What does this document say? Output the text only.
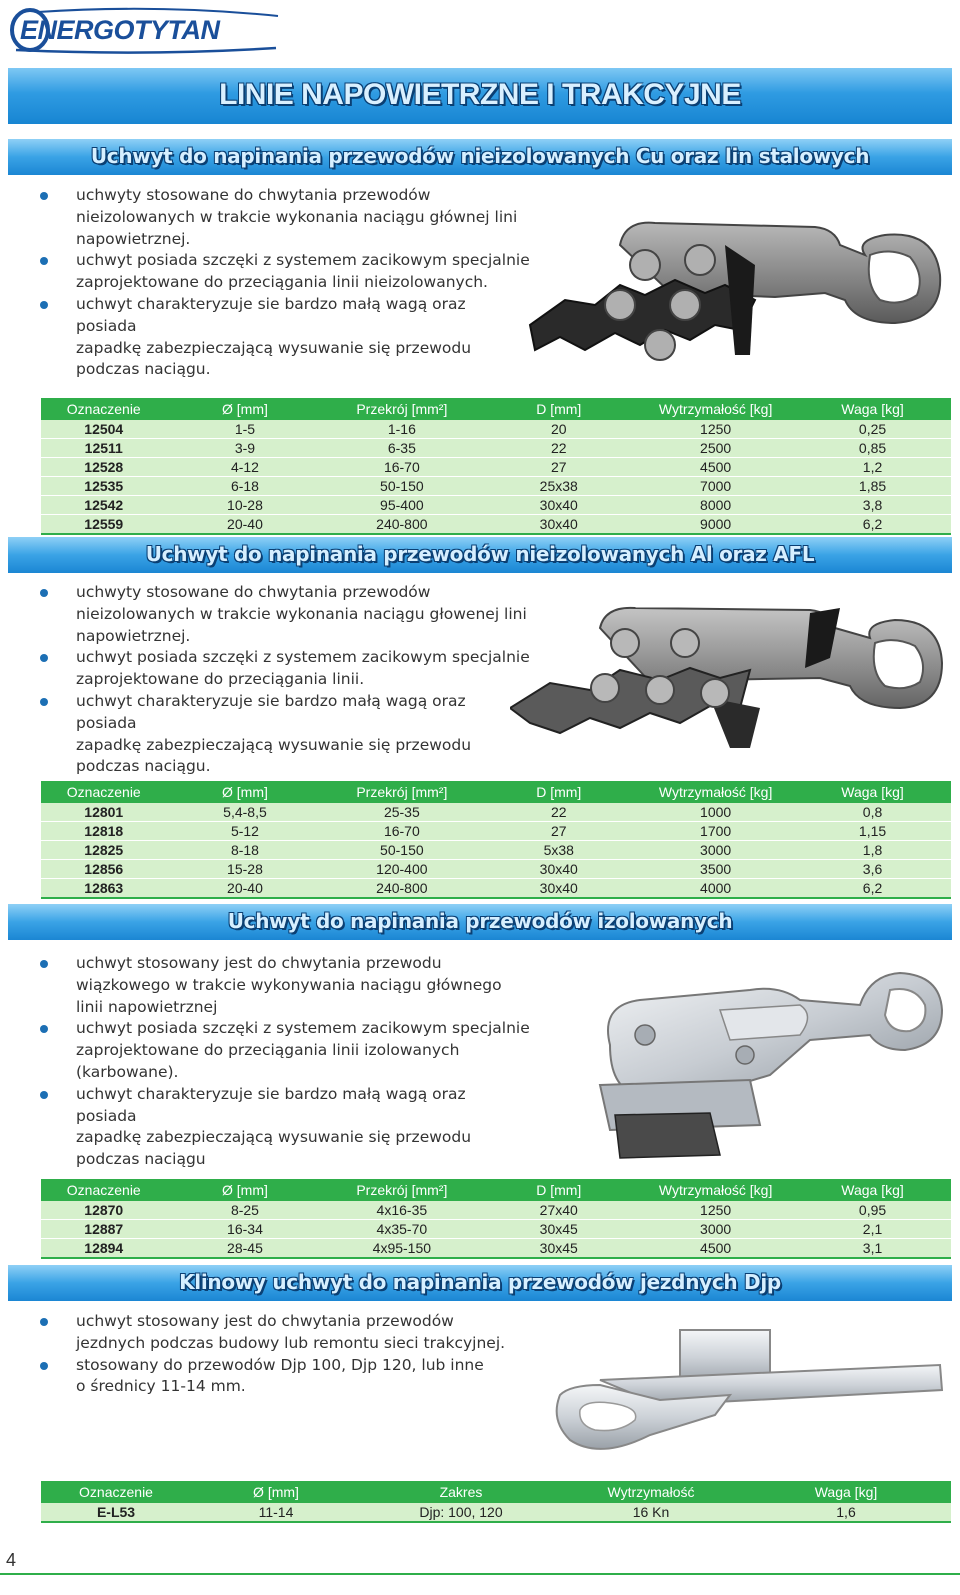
ENERGOTYTAN
LINIE NAPOWIETRZNE I TRAKCYJNE
Uchwyt do napinania przewodów nieizolowanych Cu oraz lin stalowych
uchwyty stosowane do chwytania przewodów
nieizolowanych w trakcie wykonania naciągu głównej lini
napowietrznej.
uchwyt posiada szczęki z systemem zacikowym specjalnie
zaprojektowane do przeciągania linii nieizolowanych.
uchwyt charakteryzuje sie bardzo małą wagą oraz posiada
zapadkę zabezpieczającą wysuwanie się przewodu
podczas naciągu.
Oznaczenie	Ø [mm]	Przekrój [mm²]	D [mm]	Wytrzymałość [kg]	Waga [kg]
12504	1-5	1-16	20	1250	0,25
12511	3-9	6-35	22	2500	0,85
12528	4-12	16-70	27	4500	1,2
12535	6-18	50-150	25x38	7000	1,85
12542	10-28	95-400	30x40	8000	3,8
12559	20-40	240-800	30x40	9000	6,2
Uchwyt do napinania przewodów nieizolowanych Al oraz AFL
uchwyty stosowane do chwytania przewodów
nieizolowanych w trakcie wykonania naciągu głowenej lini
napowietrznej.
uchwyt posiada szczęki z systemem zacikowym specjalnie
zaprojektowane do przeciągania linii.
uchwyt charakteryzuje sie bardzo małą wagą oraz posiada
zapadkę zabezpieczającą wysuwanie się przewodu
podczas naciągu.
Oznaczenie	Ø [mm]	Przekrój [mm²]	D [mm]	Wytrzymałość [kg]	Waga [kg]
12801	5,4-8,5	25-35	22	1000	0,8
12818	5-12	16-70	27	1700	1,15
12825	8-18	50-150	5x38	3000	1,8
12856	15-28	120-400	30x40	3500	3,6
12863	20-40	240-800	30x40	4000	6,2
Uchwyt do napinania przewodów izolowanych
uchwyt stosowany jest do chwytania przewodu
wiązkowego w trakcie wykonywania naciągu głównego
linii napowietrznej
uchwyt posiada szczęki z systemem zacikowym specjalnie
zaprojektowane do przeciągania linii izolowanych
(karbowane).
uchwyt charakteryzuje sie bardzo małą wagą oraz posiada
zapadkę zabezpieczającą wysuwanie się przewodu
podczas naciągu
Oznaczenie	Ø [mm]	Przekrój [mm²]	D [mm]	Wytrzymałość [kg]	Waga [kg]
12870	8-25	4x16-35	27x40	1250	0,95
12887	16-34	4x35-70	30x45	3000	2,1
12894	28-45	4x95-150	30x45	4500	3,1
Klinowy uchwyt do napinania przewodów jezdnych Djp
uchwyt stosowany jest do chwytania przewodów
jezdnych podczas budowy lub remontu sieci trakcyjnej.
stosowany do przewodów Djp 100, Djp 120, lub inne
o średnicy 11-14 mm.
Oznaczenie	Ø [mm]	Zakres	Wytrzymałość	Waga [kg]
E-L53	11-14	Djp: 100, 120	16 Kn	1,6
4
